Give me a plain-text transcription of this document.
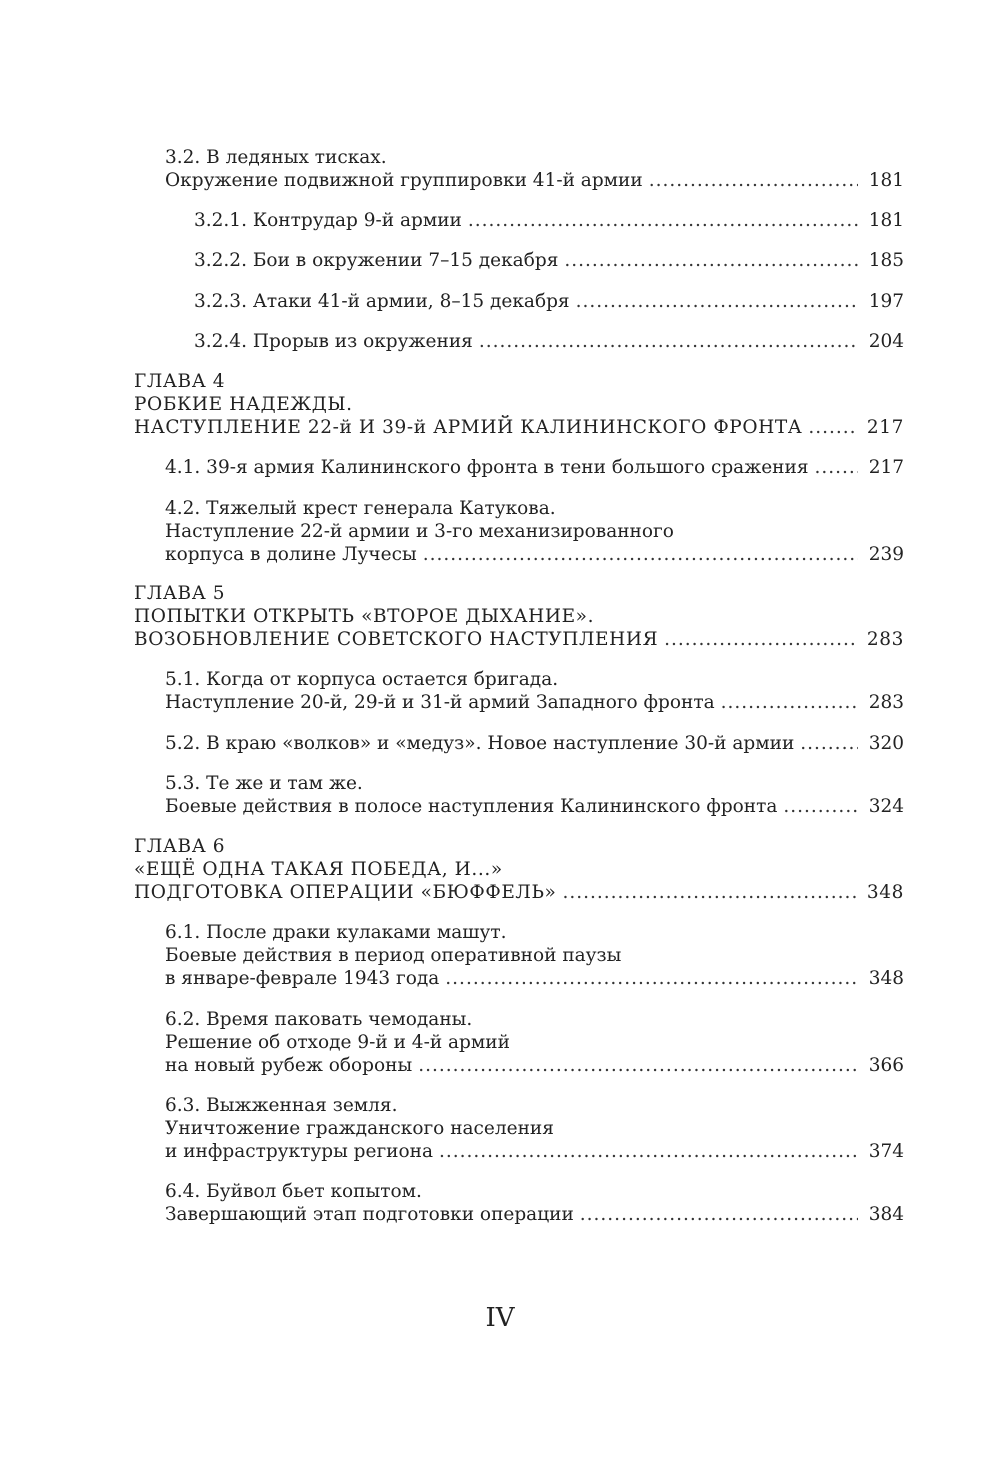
3.2. В ледяных тисках.
Окружение подвижной группировки 41-й армии .....	181
3.2.1. Контрудар 9-й армии .....	181
3.2.2. Бои в окружении 7–15 декабря .....	185
3.2.3. Атаки 41-й армии, 8–15 декабря .....	197
3.2.4. Прорыв из окружения .....	204
ГЛАВА 4
РОБКИЕ НАДЕЖДЫ.
НАСТУПЛЕНИЕ 22-й И 39-й АРМИЙ КАЛИНИНСКОГО ФРОНТА .....	217
4.1. 39-я армия Калининского фронта в тени большого сражения .....	217
4.2. Тяжелый крест генерала Катукова.
Наступление 22-й армии и 3-го механизированного
корпуса в долине Лучесы .....	239
ГЛАВА 5
ПОПЫТКИ ОТКРЫТЬ «ВТОРОЕ ДЫХАНИЕ».
ВОЗОБНОВЛЕНИЕ СОВЕТСКОГО НАСТУПЛЕНИЯ .....	283
5.1. Когда от корпуса остается бригада.
Наступление 20-й, 29-й и 31-й армий Западного фронта .....	283
5.2. В краю «волков» и «медуз». Новое наступление 30-й армии .....	320
5.3. Те же и там же.
Боевые действия в полосе наступления Калининского фронта .....	324
ГЛАВА 6
«ЕЩЁ ОДНА ТАКАЯ ПОБЕДА, И...»
ПОДГОТОВКА ОПЕРАЦИИ «БЮФФЕЛЬ» .....	348
6.1. После драки кулаками машут.
Боевые действия в период оперативной паузы
в январе-феврале 1943 года .....	348
6.2. Время паковать чемоданы.
Решение об отходе 9-й и 4-й армий
на новый рубеж обороны .....	366
6.3. Выжженная земля.
Уничтожение гражданского населения
и инфраструктуры региона .....	374
6.4. Буйвол бьет копытом.
Завершающий этап подготовки операции .....	384
IV
